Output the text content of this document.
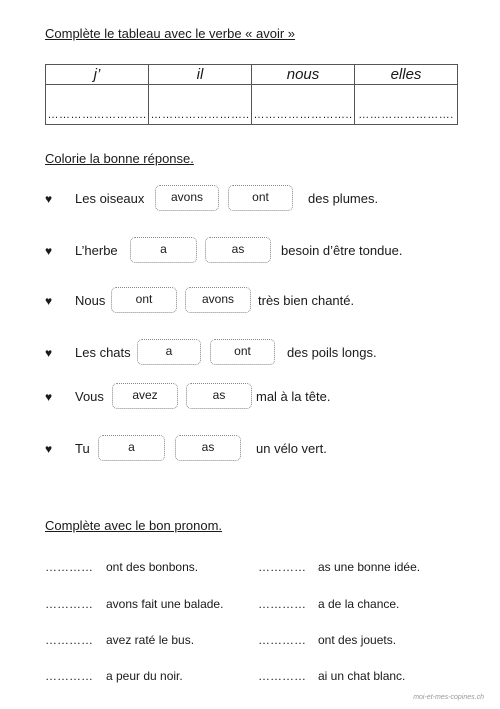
Complète le tableau avec le verbe « avoir »
j’	il	nous	elles
……………………..	……………………..	……………………..	…………………….
Colorie la bonne réponse.
♥ Les oiseaux	avons	ont	des plumes.
♥ L’herbe	a	as	besoin d’être tondue.
♥ Nous	ont	avons	très bien chanté.
♥ Les chats	a	ont	des poils longs.
♥ Vous	avez	as	mal à la tête.
♥ Tu	a	as	un vélo vert.
Complète avec le bon pronom.
………… ont des bonbons.	………… as une bonne idée.
………… avons fait une balade.	………… a de la chance.
………… avez raté le bus.	………… ont des jouets.
………… a peur du noir.	………… ai un chat blanc.
moi-et-mes-copines.ch
